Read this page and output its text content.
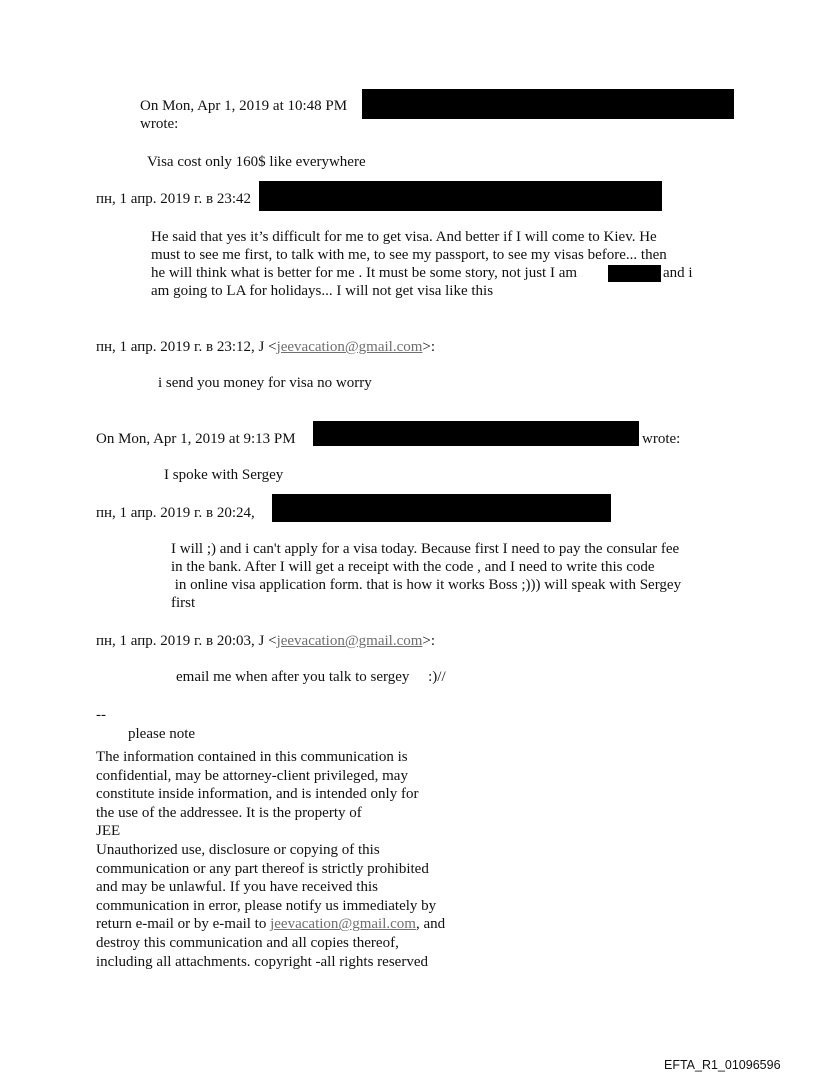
On Mon, Apr 1, 2019 at 10:48 PM
wrote:
Visa cost only 160$ like everywhere
пн, 1 апр. 2019 г. в 23:42
He said that yes it’s difficult for me to get visa. And better if I will come to Kiev. He
must to see me first, to talk with me, to see my passport, to see my visas before... then
he will think what is better for me . It must be some story, not just I am	and i
am going to LA for holidays... I will not get visa like this
пн, 1 апр. 2019 г. в 23:12, J <jeevacation@gmail.com>:
i send you money for visa no worry
On Mon, Apr 1, 2019 at 9:13 PM	wrote:
I spoke with Sergey
пн, 1 апр. 2019 г. в 20:24,
I will ;) and i can't apply for a visa today. Because first I need to pay the consular fee
in the bank. After I will get a receipt with the code , and I need to write this code
in online visa application form. that is how it works Boss ;))) will speak with Sergey
first
пн, 1 апр. 2019 г. в 20:03, J <jeevacation@gmail.com>:
email me when after you talk to sergey     :)//
--
please note
The information contained in this communication is
confidential, may be attorney-client privileged, may
constitute inside information, and is intended only for
the use of the addressee. It is the property of
JEE
Unauthorized use, disclosure or copying of this
communication or any part thereof is strictly prohibited
and may be unlawful. If you have received this
communication in error, please notify us immediately by
return e-mail or by e-mail to jeevacation@gmail.com, and
destroy this communication and all copies thereof,
including all attachments. copyright -all rights reserved
EFTA_R1_01096596
